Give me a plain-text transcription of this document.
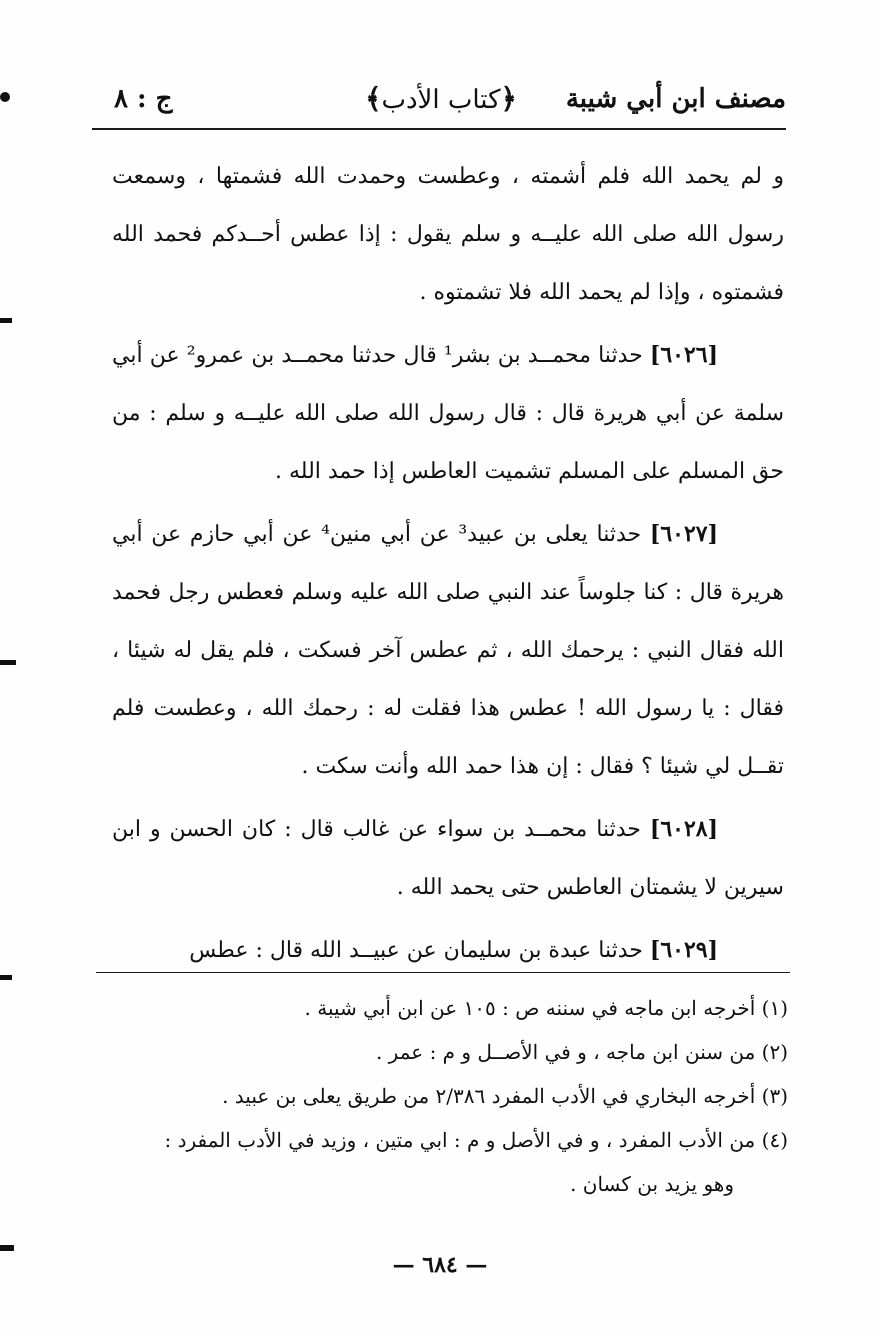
مصنف ابن أبي شيبة
﴿كتاب الأدب﴾
ج : ٨

و لم يحمد الله فلم أشمته ، وعطست وحمدت الله فشمتها ، وسمعت رسول الله صلى الله عليــه و سلم يقول : إذا عطس أحــدكم فحمد الله فشمتوه ، وإذا لم يحمد الله فلا تشمتوه .

[٦٠٢٦] حدثنا محمــد بن بشر¹ قال حدثنا محمــد بن عمرو² عن أبي سلمة عن أبي هريرة قال : قال رسول الله صلى الله عليــه و سلم : من حق المسلم على المسلم تشميت العاطس إذا حمد الله .

[٦٠٢٧] حدثنا يعلى بن عبيد³ عن أبي منين⁴ عن أبي حازم عن أبي هريرة قال : كنا جلوساً عند النبي صلى الله عليه وسلم فعطس رجل فحمد الله فقال النبي : يرحمك الله ، ثم عطس آخر فسكت ، فلم يقل له شيئا ، فقال : يا رسول الله ! عطس هذا فقلت له : رحمك الله ، وعطست فلم تقــل لي شيئا ؟ فقال : إن هذا حمد الله وأنت سكت .

[٦٠٢٨] حدثنا محمــد بن سواء عن غالب قال : كان الحسن و ابن سيرين لا يشمتان العاطس حتى يحمد الله .

[٦٠٢٩] حدثنا عبدة بن سليمان عن عبيــد الله قال : عطس

(١) أخرجه ابن ماجه في سننه ص : ١٠٥ عن ابن أبي شيبة .
(٢) من سنن ابن ماجه ، و في الأصــل و م : عمر .
(٣) أخرجه البخاري في الأدب المفرد ٢/٣٨٦ من طريق يعلى بن عبيد .
(٤) من الأدب المفرد ، و في الأصل و م : ابي متين ، وزيد في الأدب المفرد :
وهو يزيد بن كسان .
— ٦٨٤ —
